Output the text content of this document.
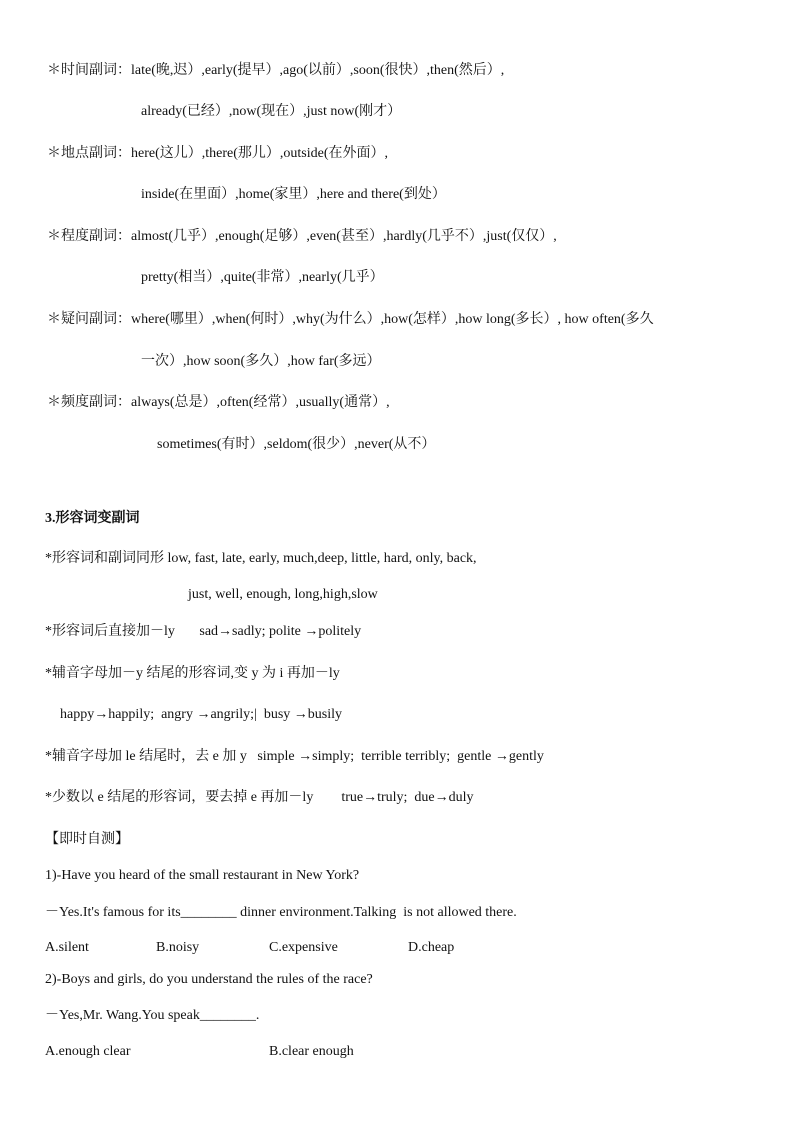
＊时间副词：late(晚,迟）,early(提早）,ago(以前）,soon(很快）,then(然后）,
already(已经）,now(现在）,just now(刚才）
＊地点副词：here(这儿）,there(那儿）,outside(在外面）,
inside(在里面）,home(家里）,here and there(到处）
＊程度副词：almost(几乎）,enough(足够）,even(甚至）,hardly(几乎不）,just(仅仅）,
pretty(相当）,quite(非常）,nearly(几乎）
＊疑问副词：where(哪里）,when(何时）,why(为什么）,how(怎样）,how long(多长）, how often(多久
一次）,how soon(多久）,how far(多远）
＊频度副词：always(总是）,often(经常）,usually(通常）,
sometimes(有时）,seldom(很少）,never(从不）
3.形容词变副词
*形容词和副词同形 low, fast, late, early, much,deep, little, hard, only, back,
just, well, enough, long,high,slow
*形容词后直接加－ly       sad→sadly; polite →politely
*辅音字母加－y 结尾的形容词,变 y 为 i 再加－ly
happy→happily;  angry →angrily;|  busy →busily
*辅音字母加 le 结尾时，去 e 加 y   simple →simply;  terrible terribly;  gentle →gently
*少数以 e 结尾的形容词，要去掉 e 再加－ly        true→truly;  due→duly
【即时自测】
1)-Have you heard of the small restaurant in New York?
－Yes.It's famous for its________ dinner environment.Talking  is not allowed there.
A.silent	B.noisy	C.expensive	D.cheap
2)-Boys and girls, do you understand the rules of the race?
－Yes,Mr. Wang.You speak________.
A.enough clear	B.clear enough
